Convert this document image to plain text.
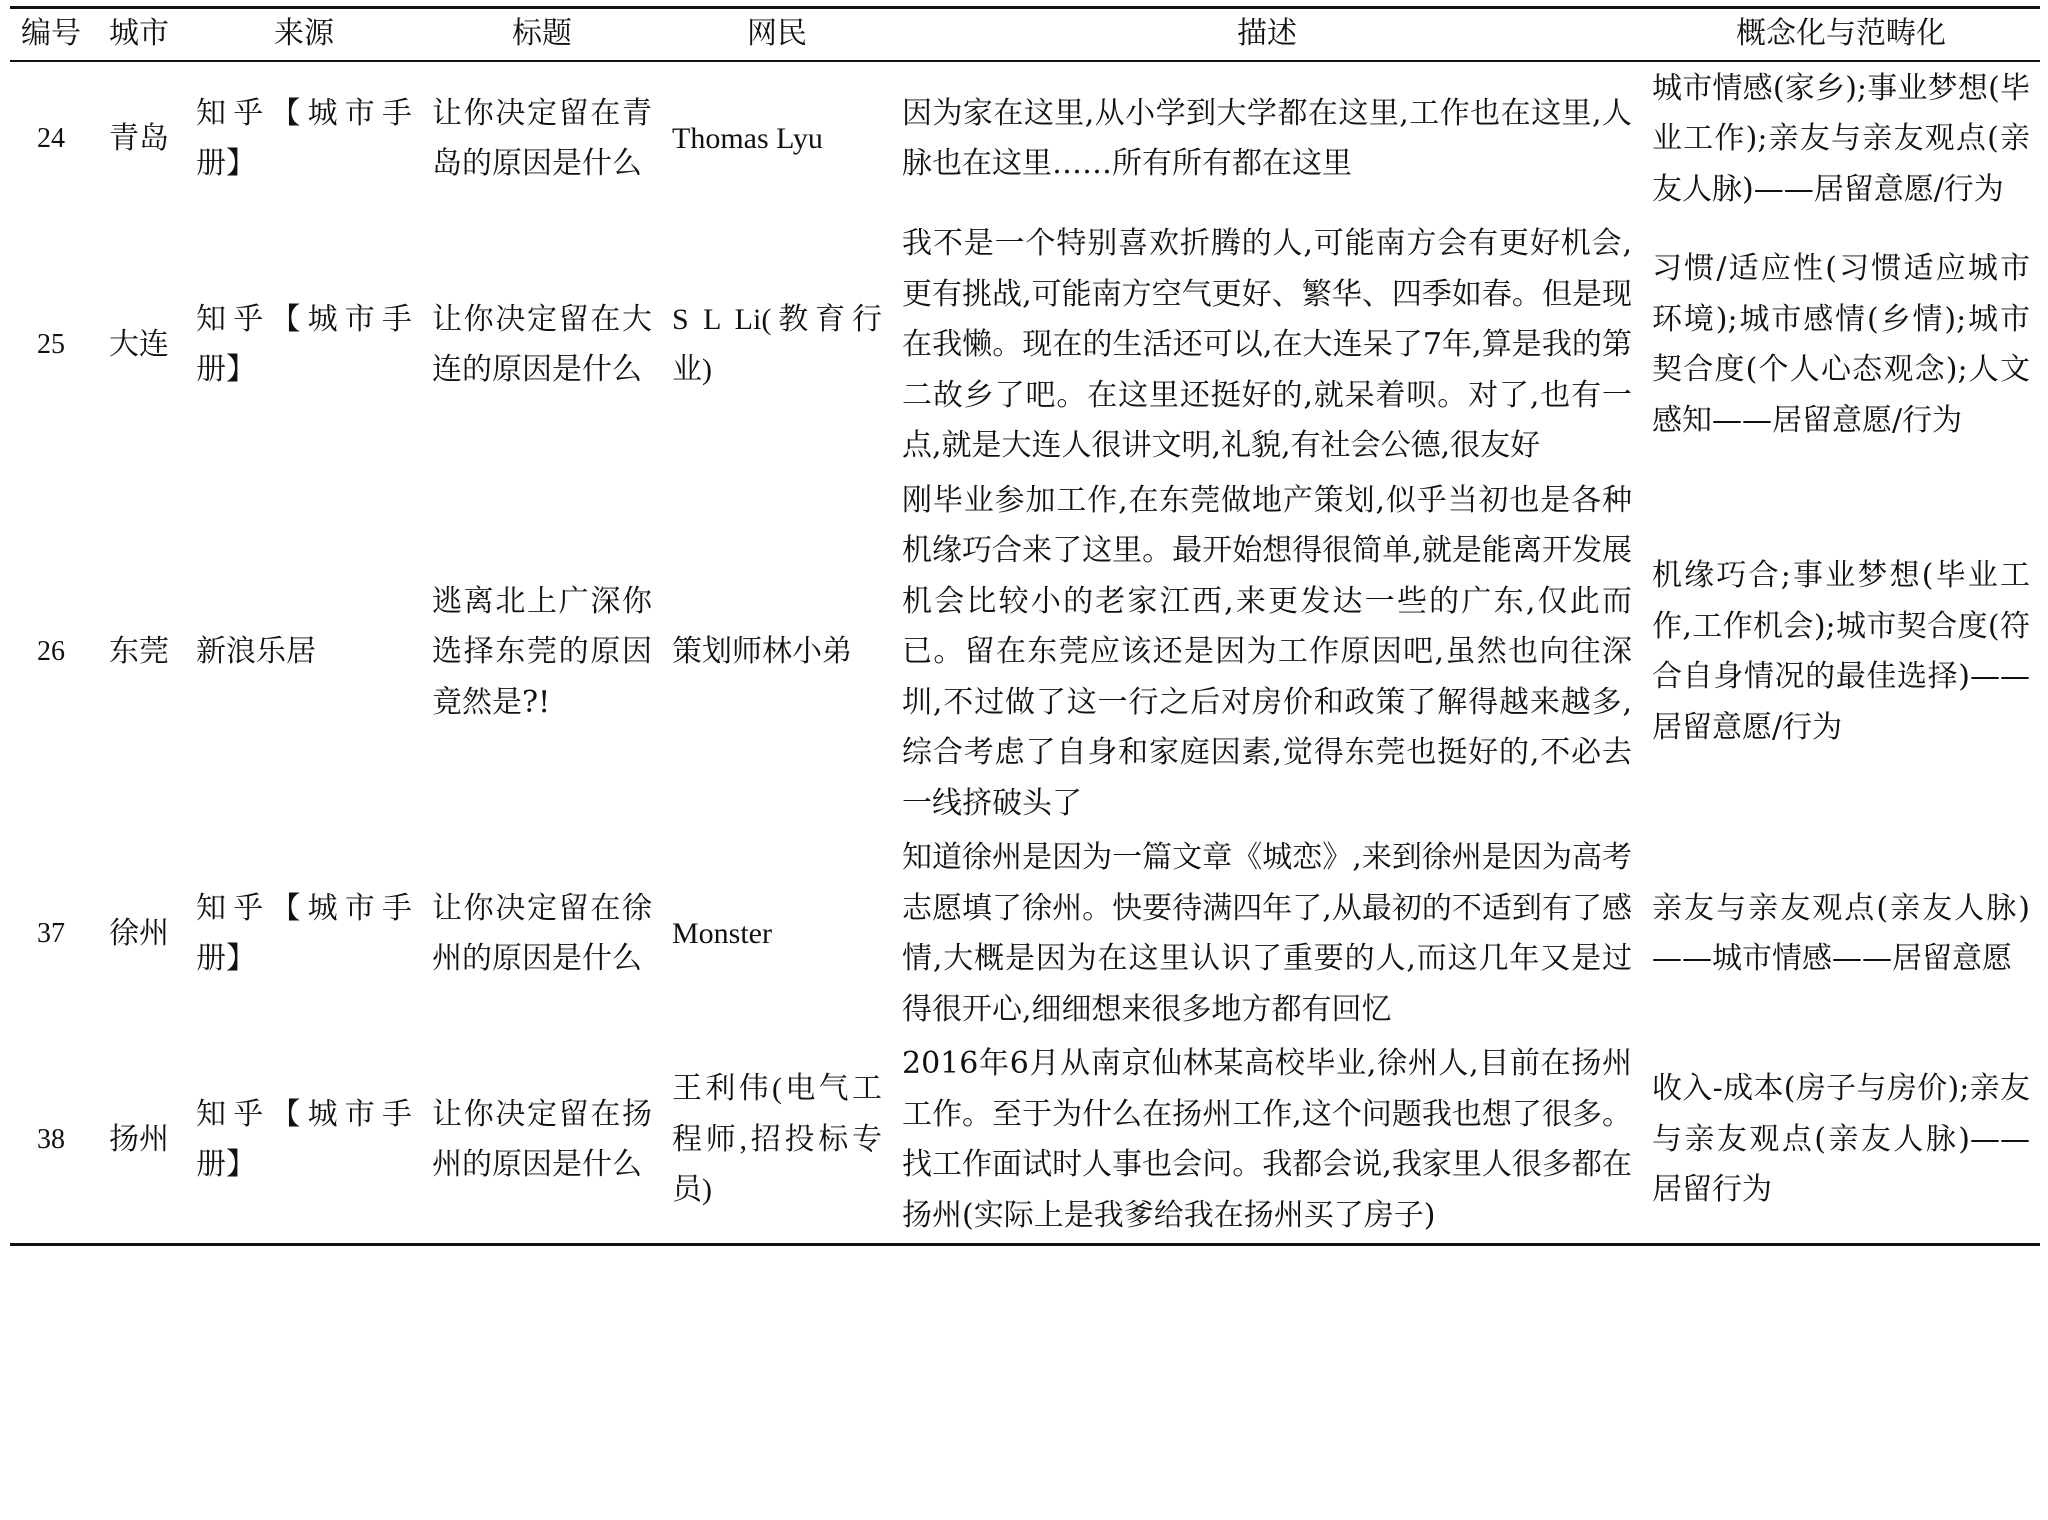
编号	城市	来源	标题	网民	描述	概念化与范畴化
24	青岛	知乎【城市手册】	让你决定留在青岛的原因是什么	Thomas Lyu	因为家在这里,从小学到大学都在这里,工作也在这里,人脉也在这里……所有所有都在这里	城市情感(家乡);事业梦想(毕业工作);亲友与亲友观点(亲友人脉)——居留意愿/行为
25	大连	知乎【城市手册】	让你决定留在大连的原因是什么	S L Li(教育行业)	我不是一个特别喜欢折腾的人,可能南方会有更好机会,更有挑战,可能南方空气更好、繁华、四季如春。但是现在我懒。现在的生活还可以,在大连呆了7年,算是我的第二故乡了吧。在这里还挺好的,就呆着呗。对了,也有一点,就是大连人很讲文明,礼貌,有社会公德,很友好	习惯/适应性(习惯适应城市环境);城市感情(乡情);城市契合度(个人心态观念);人文感知——居留意愿/行为
26	东莞	新浪乐居	逃离北上广深你选择东莞的原因竟然是?!	策划师林小弟	刚毕业参加工作,在东莞做地产策划,似乎当初也是各种机缘巧合来了这里。最开始想得很简单,就是能离开发展机会比较小的老家江西,来更发达一些的广东,仅此而已。留在东莞应该还是因为工作原因吧,虽然也向往深圳,不过做了这一行之后对房价和政策了解得越来越多,综合考虑了自身和家庭因素,觉得东莞也挺好的,不必去一线挤破头了	机缘巧合;事业梦想(毕业工作,工作机会);城市契合度(符合自身情况的最佳选择)——居留意愿/行为
37	徐州	知乎【城市手册】	让你决定留在徐州的原因是什么	Monster	知道徐州是因为一篇文章《城恋》,来到徐州是因为高考志愿填了徐州。快要待满四年了,从最初的不适到有了感情,大概是因为在这里认识了重要的人,而这几年又是过得很开心,细细想来很多地方都有回忆	亲友与亲友观点(亲友人脉)——城市情感——居留意愿
38	扬州	知乎【城市手册】	让你决定留在扬州的原因是什么	王利伟(电气工程师,招投标专员)	2016年6月从南京仙林某高校毕业,徐州人,目前在扬州工作。至于为什么在扬州工作,这个问题我也想了很多。找工作面试时人事也会问。我都会说,我家里人很多都在扬州(实际上是我爹给我在扬州买了房子)	收入-成本(房子与房价);亲友与亲友观点(亲友人脉)——居留行为
